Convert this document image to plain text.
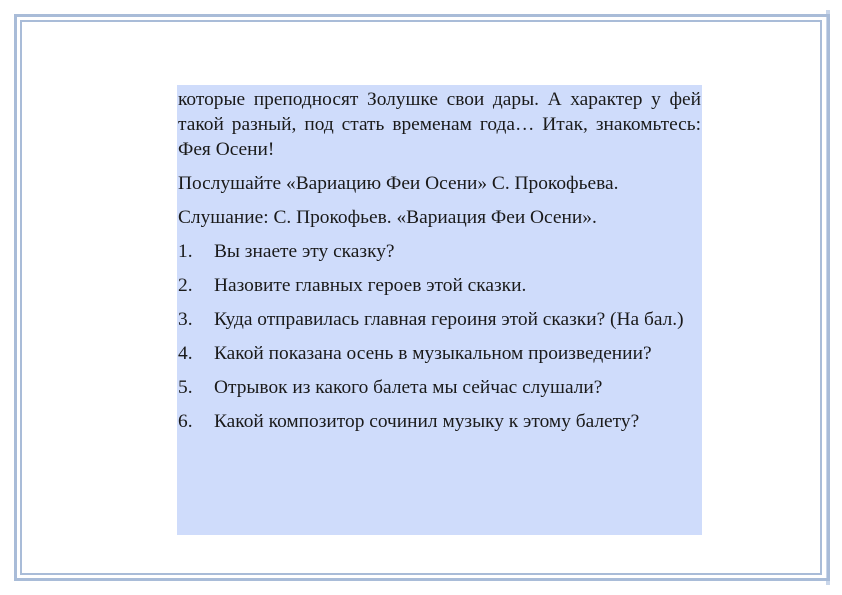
которые преподносят Золушке свои дары. А характер у фей такой разный, под стать временам года… Итак, знакомьтесь: Фея Осени!

Послушайте «Вариацию Феи Осени» С. Прокофьева.

Слушание: С. Прокофьев. «Вариация Феи Осени».

1.	Вы знаете эту сказку?
2.	Назовите главных героев этой сказки.

3. Куда отправилась главная героиня этой сказки? (На бал.)

4. Какой показана осень в музыкальном произведении?

5.	Отрывок из какого балета мы сейчас слушали?
6.	Какой композитор сочинил музыку к этому балету?
